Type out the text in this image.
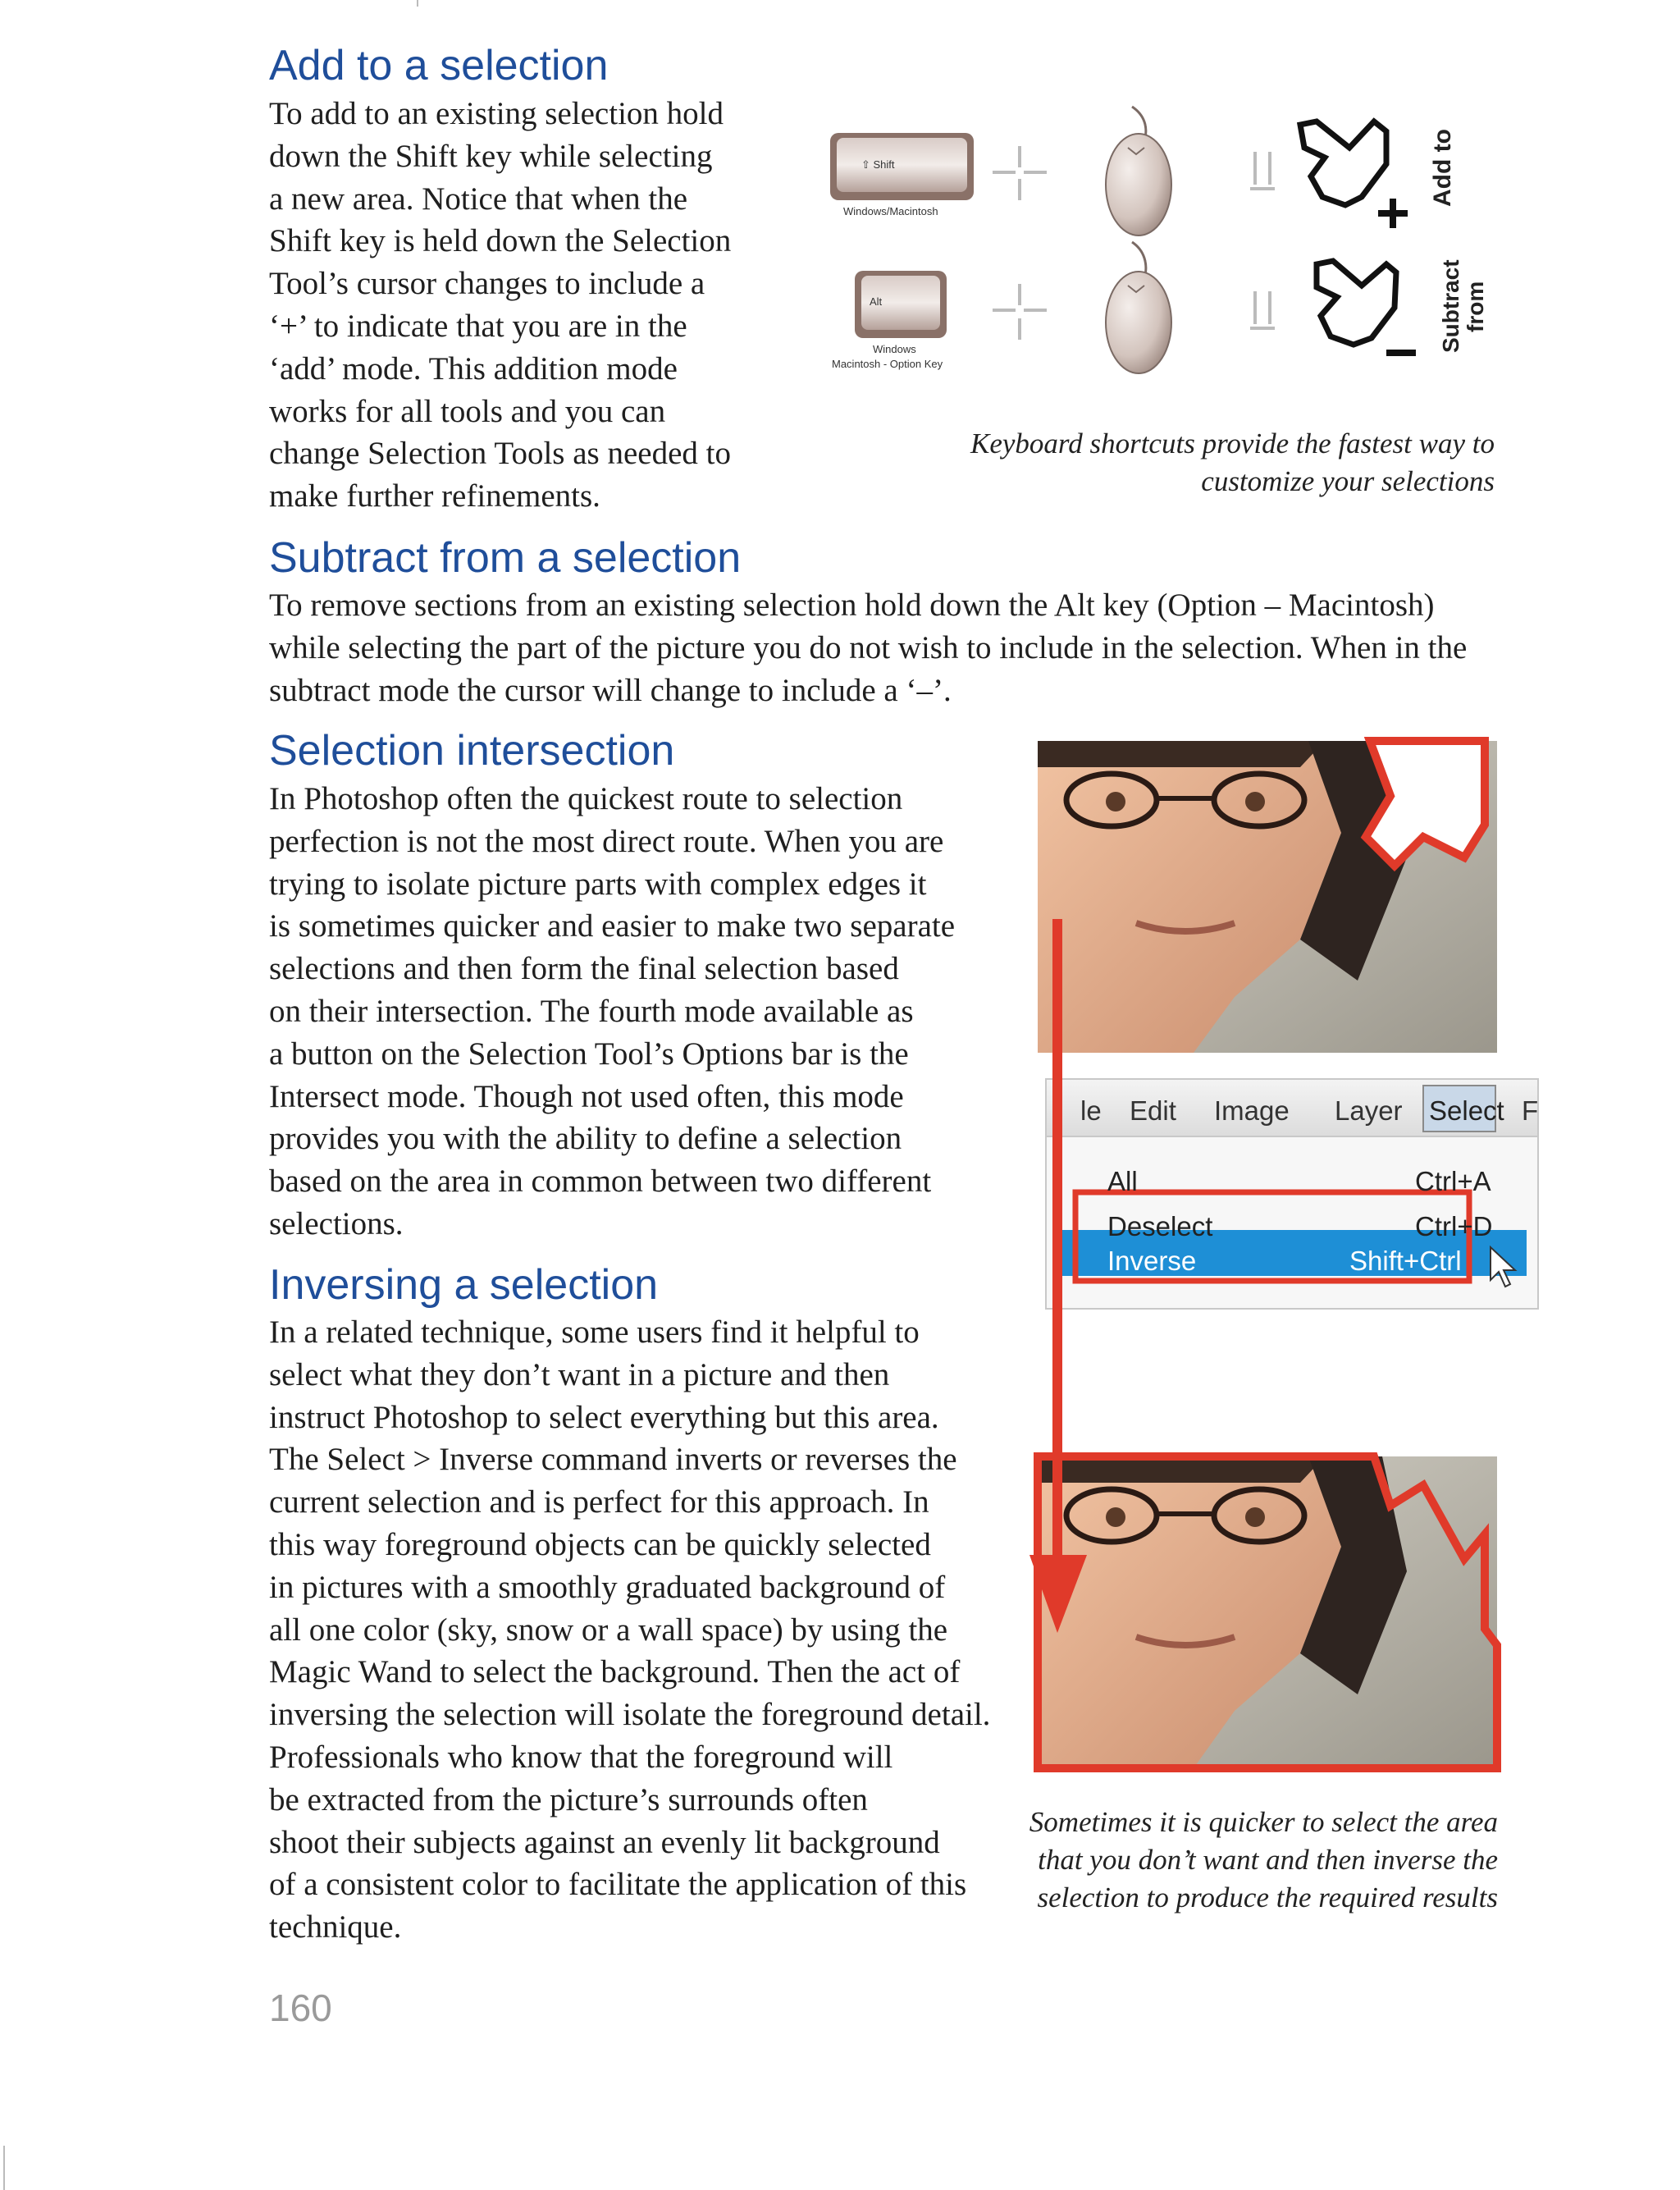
Add to a selection
To add to an existing selection hold
down the Shift key while selecting
a new area. Notice that when the
Shift key is held down the Selection
Tool’s cursor changes to include a
‘+’ to indicate that you are in the
‘add’ mode. This addition mode
works for all tools and you can
change Selection Tools as needed to
make further refinements.
Add to
Subtract from
⇧ Shift
Windows/Macintosh
Alt
Windows
Macintosh - Option Key
Keyboard shortcuts provide the fastest way to
customize your selections
Subtract from a selection
To remove sections from an existing selection hold down the Alt key (Option – Macintosh)
while selecting the part of the picture you do not wish to include in the selection. When in the
subtract mode the cursor will change to include a ‘–’.
Selection intersection
In Photoshop often the quickest route to selection
perfection is not the most direct route. When you are
trying to isolate picture parts with complex edges it
is sometimes quicker and easier to make two separate
selections and then form the final selection based
on their intersection. The fourth mode available as
a button on the Selection Tool’s Options bar is the
Intersect mode. Though not used often, this mode
provides you with the ability to define a selection
based on the area in common between two different
selections.
Inversing a selection
In a related technique, some users find it helpful to
select what they don’t want in a picture and then
instruct Photoshop to select everything but this area.
The Select > Inverse command inverts or reverses the
current selection and is perfect for this approach. In
this way foreground objects can be quickly selected
in pictures with a smoothly graduated background of
all one color (sky, snow or a wall space) by using the
Magic Wand to select the background. Then the act of
inversing the selection will isolate the foreground detail.
Professionals who know that the foreground will
be extracted from the picture’s surrounds often
shoot their subjects against an evenly lit background
of a consistent color to facilitate the application of this
technique.
le Edit Image Layer Select F
All	Ctrl+A
Deselect	Ctrl+D
Inverse	Shift+Ctrl
Sometimes it is quicker to select the area
that you don’t want and then inverse the
selection to produce the required results
160
